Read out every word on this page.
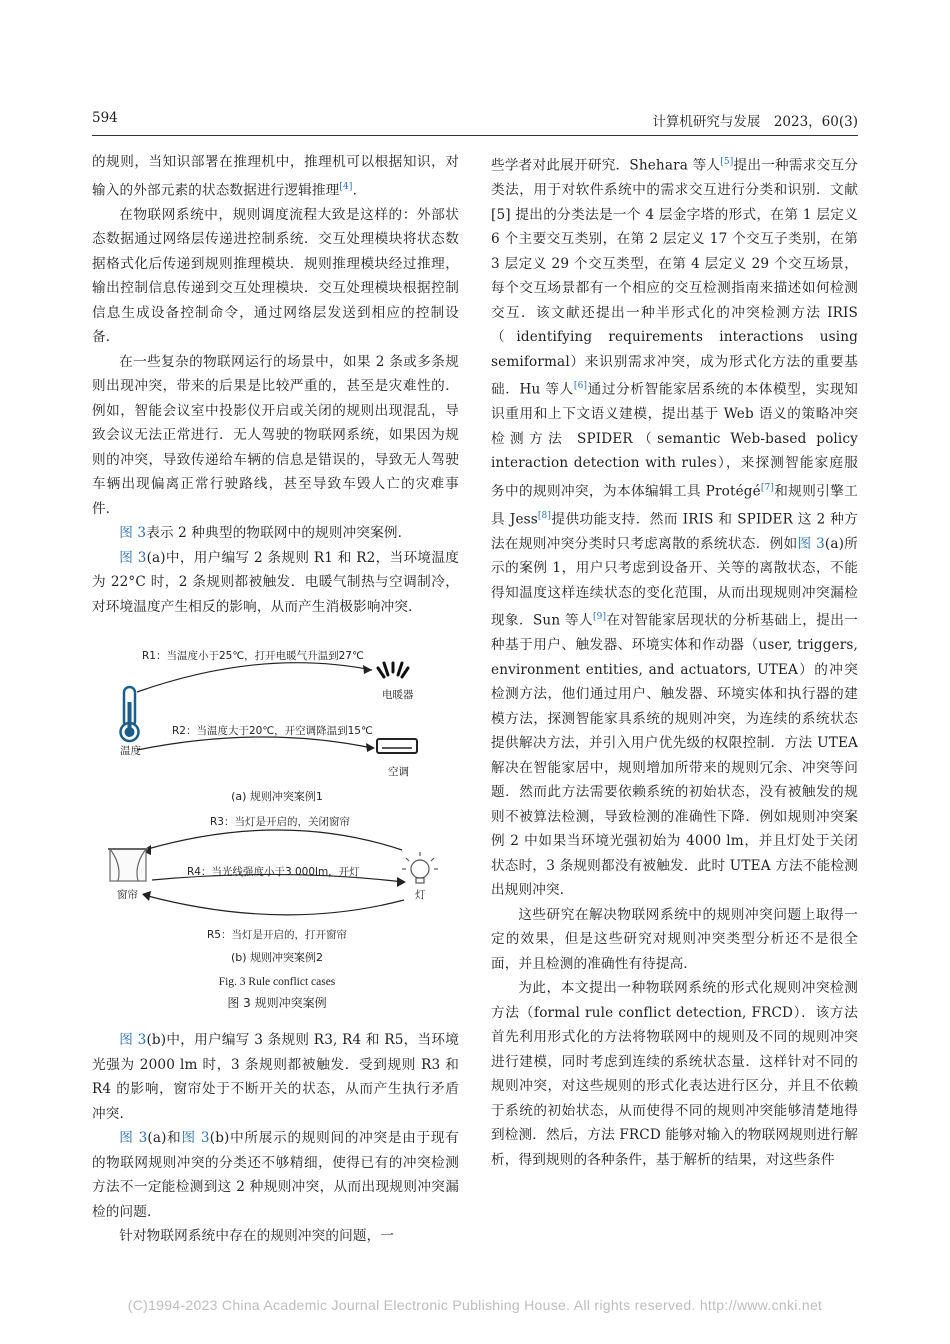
594	计算机研究与发展　2023，60(3)

的规则，当知识部署在推理机中，推理机可以根据知识，对输入的外部元素的状态数据进行逻辑推理[4]．

在物联网系统中，规则调度流程大致是这样的：外部状态数据通过网络层传递进控制系统．交互处理模块将状态数据格式化后传递到规则推理模块．规则推理模块经过推理，输出控制信息传递到交互处理模块．交互处理模块根据控制信息生成设备控制命令，通过网络层发送到相应的控制设备．

在一些复杂的物联网运行的场景中，如果 2 条或多条规则出现冲突，带来的后果是比较严重的，甚至是灾难性的．例如，智能会议室中投影仪开启或关闭的规则出现混乱，导致会议无法正常进行．无人驾驶的物联网系统，如果因为规则的冲突，导致传递给车辆的信息是错误的，导致无人驾驶车辆出现偏离正常行驶路线，甚至导致车毁人亡的灾难事件．

图 3表示 2 种典型的物联网中的规则冲突案例．

图 3(a)中，用户编写 2 条规则 R1 和 R2，当环境温度为 22°C 时，2 条规则都被触发．电暖气制热与空调制冷，对环境温度产生相反的影响，从而产生消极影响冲突．

R1：当温度小于25℃，打开电暖气升温到27℃
电暖器
温度
R2：当温度大于20℃，开空调降温到15℃
空调
(a) 规则冲突案例1
R3：当灯是开启的，关闭窗帘
窗帘
R4：当光线强度小于3 000lm，开灯
灯
R5：当灯是开启的，打开窗帘
(b) 规则冲突案例2
Fig. 3 Rule conflict cases
图 3 规则冲突案例

图 3(b)中，用户编写 3 条规则 R3, R4 和 R5，当环境光强为 2000 lm 时，3 条规则都被触发．受到规则 R3 和 R4 的影响，窗帘处于不断开关的状态，从而产生执行矛盾冲突．

图 3(a)和图 3(b)中所展示的规则间的冲突是由于现有的物联网规则冲突的分类还不够精细，使得已有的冲突检测方法不一定能检测到这 2 种规则冲突，从而出现规则冲突漏检的问题．

针对物联网系统中存在的规则冲突的问题，一

些学者对此展开研究．Shehara 等人[5]提出一种需求交互分类法，用于对软件系统中的需求交互进行分类和识别．文献 [5] 提出的分类法是一个 4 层金字塔的形式，在第 1 层定义 6 个主要交互类别，在第 2 层定义 17 个交互子类别，在第 3 层定义 29 个交互类型，在第 4 层定义 29 个交互场景，每个交互场景都有一个相应的交互检测指南来描述如何检测交互．该文献还提出一种半形式化的冲突检测方法 IRIS（identifying requirements interactions using semiformal）来识别需求冲突，成为形式化方法的重要基础．Hu 等人[6]通过分析智能家居系统的本体模型，实现知识重用和上下文语义建模，提出基于 Web 语义的策略冲突检测方法 SPIDER（semantic Web-based policy interaction detection with rules），来探测智能家庭服务中的规则冲突，为本体编辑工具 Protégé[7]和规则引擎工具 Jess[8]提供功能支持．然而 IRIS 和 SPIDER 这 2 种方法在规则冲突分类时只考虑离散的系统状态．例如图 3(a)所示的案例 1，用户只考虑到设备开、关等的离散状态，不能得知温度这样连续状态的变化范围，从而出现规则冲突漏检现象．Sun 等人[9]在对智能家居现状的分析基础上，提出一种基于用户、触发器、环境实体和作动器（user, triggers, environment entities, and actuators, UTEA）的冲突检测方法，他们通过用户、触发器、环境实体和执行器的建模方法，探测智能家具系统的规则冲突，为连续的系统状态提供解决方法，并引入用户优先级的权限控制．方法 UTEA 解决在智能家居中，规则增加所带来的规则冗余、冲突等问题．然而此方法需要依赖系统的初始状态，没有被触发的规则不被算法检测，导致检测的准确性下降．例如规则冲突案例 2 中如果当环境光强初始为 4000 lm，并且灯处于关闭状态时，3 条规则都没有被触发．此时 UTEA 方法不能检测出规则冲突．

这些研究在解决物联网系统中的规则冲突问题上取得一定的效果，但是这些研究对规则冲突类型分析还不是很全面，并且检测的准确性有待提高．

为此，本文提出一种物联网系统的形式化规则冲突检测方法（formal rule conflict detection, FRCD）．该方法首先利用形式化的方法将物联网中的规则及不同的规则冲突进行建模，同时考虑到连续的系统状态量．这样针对不同的规则冲突，对这些规则的形式化表达进行区分，并且不依赖于系统的初始状态，从而使得不同的规则冲突能够清楚地得到检测．然后，方法 FRCD 能够对输入的物联网规则进行解析，得到规则的各种条件，基于解析的结果，对这些条件

(C)1994-2023 China Academic Journal Electronic Publishing House. All rights reserved. http://www.cnki.net
